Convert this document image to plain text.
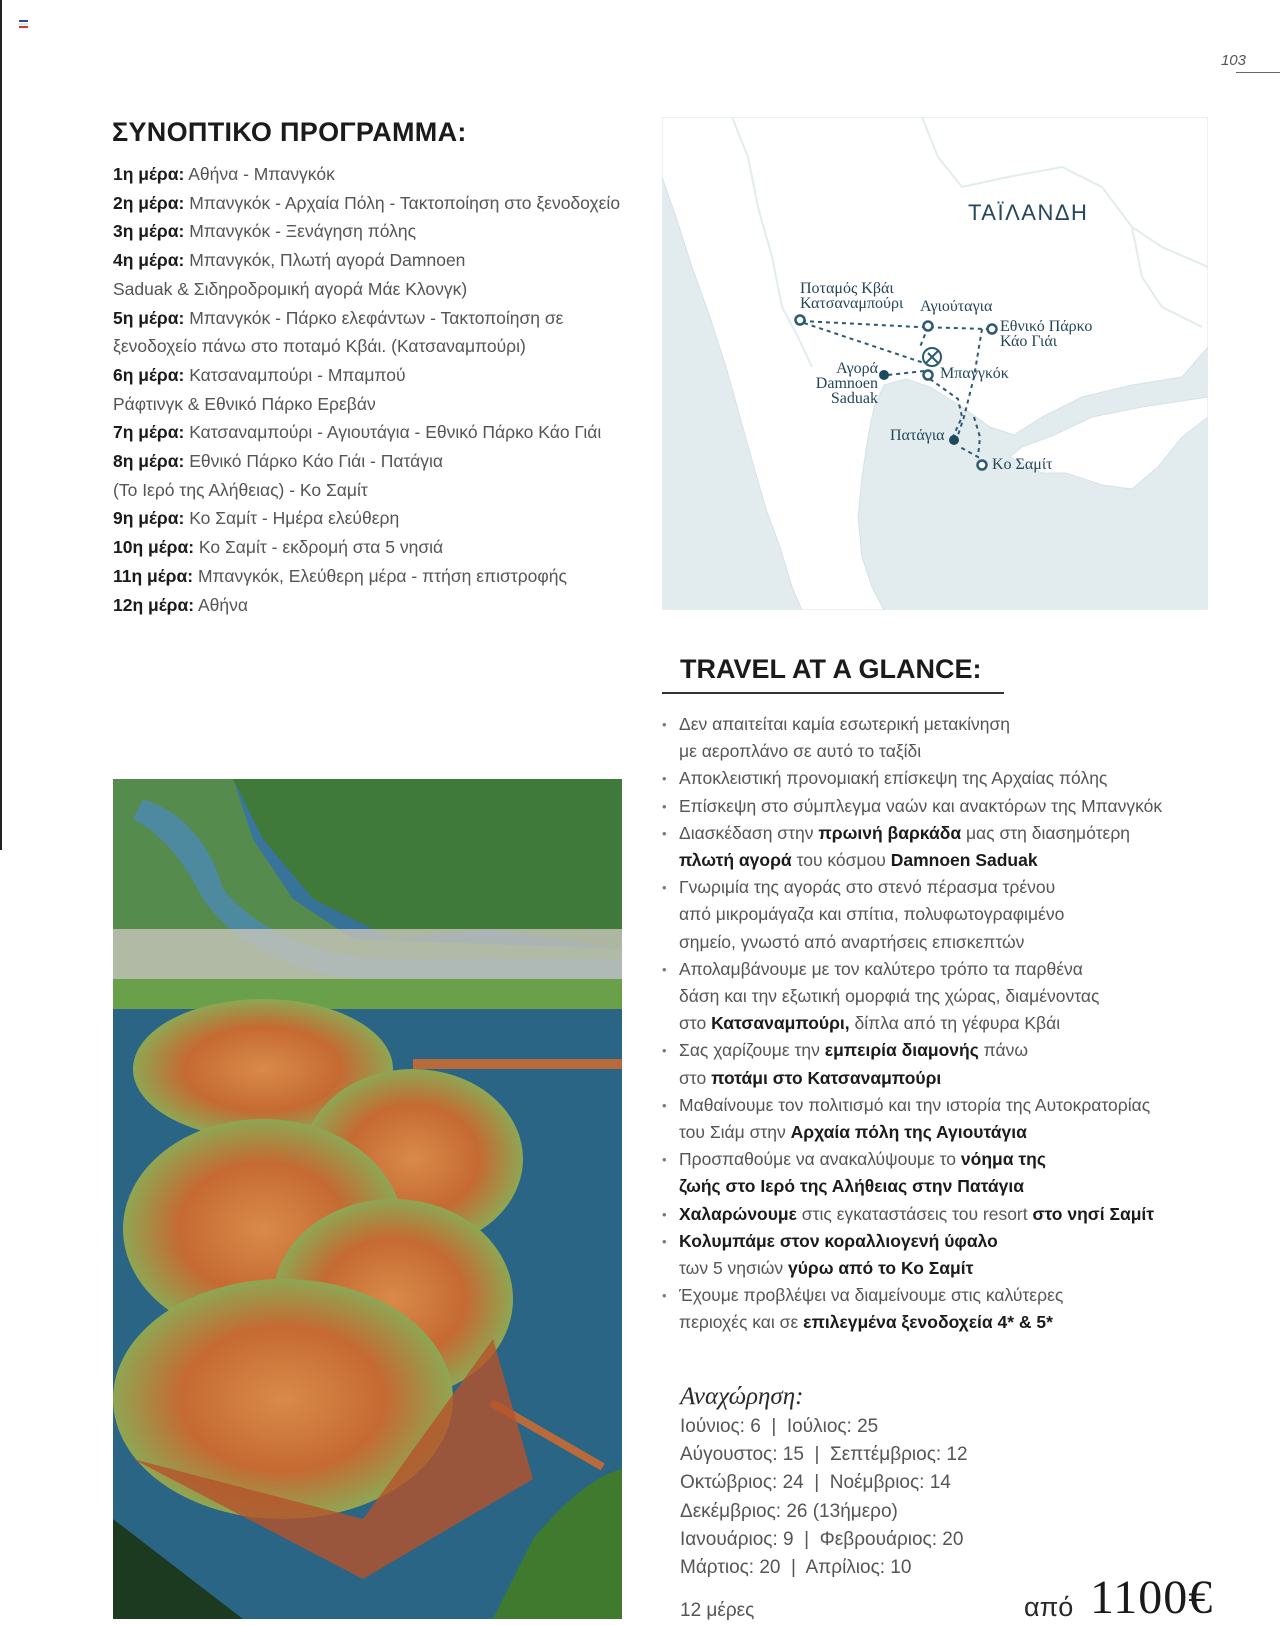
103
ΣΥΝΟΠΤΙΚΟ ΠΡΟΓΡΑΜΜΑ:
1η μέρα: Αθήνα - Μπανγκόκ
2η μέρα: Μπανγκόκ - Αρχαία Πόλη - Τακτοποίηση στο ξενοδοχείο
3η μέρα: Μπανγκόκ - Ξενάγηση πόλης
4η μέρα: Μπανγκόκ, Πλωτή αγορά Damnoen
Saduak & Σιδηροδρομική αγορά Μάε Κλονγκ)
5η μέρα: Μπανγκόκ - Πάρκο ελεφάντων - Τακτοποίηση σε
ξενοδοχείο πάνω στο ποταμό Κβάι. (Κατσαναμπούρι)
6η μέρα: Κατσαναμπούρι - Μπαμπού
Ράφτινγκ & Εθνικό Πάρκο Ερεβάν
7η μέρα: Κατσαναμπούρι - Αγιουτάγια - Εθνικό Πάρκο Κάο Γιάι
8η μέρα: Εθνικό Πάρκο Κάο Γιάι - Πατάγια
(Το Ιερό της Αλήθειας) - Κο Σαμίτ
9η μέρα: Κο Σαμίτ - Ημέρα ελεύθερη
10η μέρα: Κο Σαμίτ - εκδρομή στα 5 νησιά
11η μέρα: Μπανγκόκ, Ελεύθερη μέρα - πτήση επιστροφής
12η μέρα: Αθήνα
ΤΑΪΛΑΝΔΗ
Ποταμός Κβάι
Κατσαναμπούρι Αγιούταγια
Εθνικό Πάρκο
Κάο Γιάι
Αγορά
Damnoen
Saduak
Μπανγκόκ
Πατάγια
Κο Σαμίτ
TRAVEL AT A GLANCE:
• Δεν απαιτείται καμία εσωτερική μετακίνηση
με αεροπλάνο σε αυτό το ταξίδι
• Αποκλειστική προνομιακή επίσκεψη της Αρχαίας πόλης
• Επίσκεψη στο σύμπλεγμα ναών και ανακτόρων της Μπανγκόκ
• Διασκέδαση στην πρωινή βαρκάδα μας στη διασημότερη
πλωτή αγορά του κόσμου Damnoen Saduak
• Γνωριμία της αγοράς στο στενό πέρασμα τρένου
από μικρομάγαζα και σπίτια, πολυφωτογραφιμένο
σημείο, γνωστό από αναρτήσεις επισκεπτών
• Απολαμβάνουμε με τον καλύτερο τρόπο τα παρθένα
δάση και την εξωτική ομορφιά της χώρας, διαμένοντας
στο Κατσαναμπούρι, δίπλα από τη γέφυρα Κβάι
• Σας χαρίζουμε την εμπειρία διαμονής πάνω
στο ποτάμι στο Κατσαναμπούρι
• Μαθαίνουμε τον πολιτισμό και την ιστορία της Αυτοκρατορίας
του Σιάμ στην Αρχαία πόλη της Αγιουτάγια
• Προσπαθούμε να ανακαλύψουμε το νόημα της
ζωής στο Ιερό της Αλήθειας στην Πατάγια
• Χαλαρώνουμε στις εγκαταστάσεις του resort στο νησί Σαμίτ
• Κολυμπάμε στον κοραλλιογενή ύφαλο
των 5 νησιών γύρω από το Κο Σαμίτ
• Έχουμε προβλέψει να διαμείνουμε στις καλύτερες
περιοχές και σε επιλεγμένα ξενοδοχεία 4* & 5*
Αναχώρηση:
Ιούνιος: 6  |  Ιούλιος: 25
Αύγουστος: 15  |  Σεπτέμβριος: 12
Οκτώβριος: 24  |  Νοέμβριος: 14
Δεκέμβριος: 26 (13ήμερο)
Ιανουάριος: 9  |  Φεβρουάριος: 20
Μάρτιος: 20  |  Απρίλιος: 10
12 μέρες	από 1100€
